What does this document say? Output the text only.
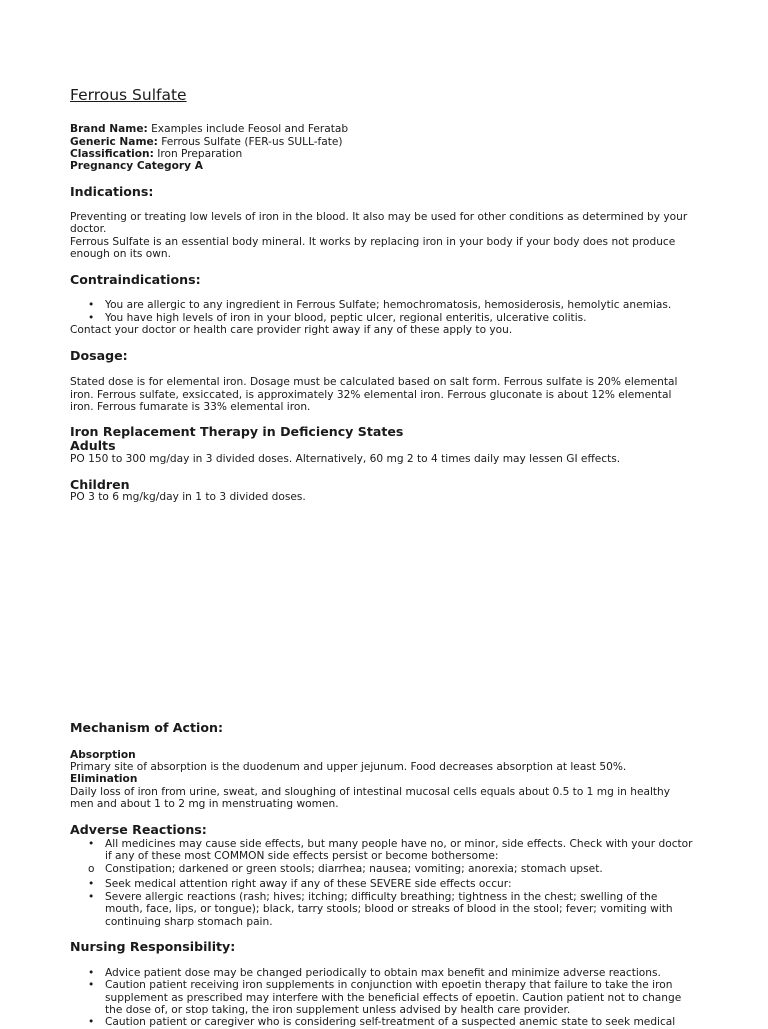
Ferrous Sulfate
Brand Name: Examples include Feosol and Feratab
Generic Name: Ferrous Sulfate (FER-us SULL-fate)
Classification: Iron Preparation
Pregnancy Category A
Indications:
Preventing or treating low levels of iron in the blood. It also may be used for other conditions as determined by your
doctor.
Ferrous Sulfate is an essential body mineral. It works by replacing iron in your body if your body does not produce
enough on its own.
Contraindications:
• You are allergic to any ingredient in Ferrous Sulfate; hemochromatosis, hemosiderosis, hemolytic anemias.
• You have high levels of iron in your blood, peptic ulcer, regional enteritis, ulcerative colitis.
Contact your doctor or health care provider right away if any of these apply to you.
Dosage:
Stated dose is for elemental iron. Dosage must be calculated based on salt form. Ferrous sulfate is 20% elemental
iron. Ferrous sulfate, exsiccated, is approximately 32% elemental iron. Ferrous gluconate is about 12% elemental
iron. Ferrous fumarate is 33% elemental iron.
Iron Replacement Therapy in Deficiency States
Adults
PO 150 to 300 mg/day in 3 divided doses. Alternatively, 60 mg 2 to 4 times daily may lessen GI effects.
Children
PO 3 to 6 mg/kg/day in 1 to 3 divided doses.
Mechanism of Action:
Absorption
Primary site of absorption is the duodenum and upper jejunum. Food decreases absorption at least 50%.
Elimination
Daily loss of iron from urine, sweat, and sloughing of intestinal mucosal cells equals about 0.5 to 1 mg in healthy
men and about 1 to 2 mg in menstruating women.
Adverse Reactions:
• All medicines may cause side effects, but many people have no, or minor, side effects. Check with your doctor
if any of these most COMMON side effects persist or become bothersome:
o Constipation; darkened or green stools; diarrhea; nausea; vomiting; anorexia; stomach upset.
• Seek medical attention right away if any of these SEVERE side effects occur:
• Severe allergic reactions (rash; hives; itching; difficulty breathing; tightness in the chest; swelling of the
mouth, face, lips, or tongue); black, tarry stools; blood or streaks of blood in the stool; fever; vomiting with
continuing sharp stomach pain.
Nursing Responsibility:
• Advice patient dose may be changed periodically to obtain max benefit and minimize adverse reactions.
• Caution patient receiving iron supplements in conjunction with epoetin therapy that failure to take the iron
supplement as prescribed may interfere with the beneficial effects of epoetin. Caution patient not to change
the dose of, or stop taking, the iron supplement unless advised by health care provider.
• Caution patient or caregiver who is considering self-treatment of a suspected anemic state to seek medical
